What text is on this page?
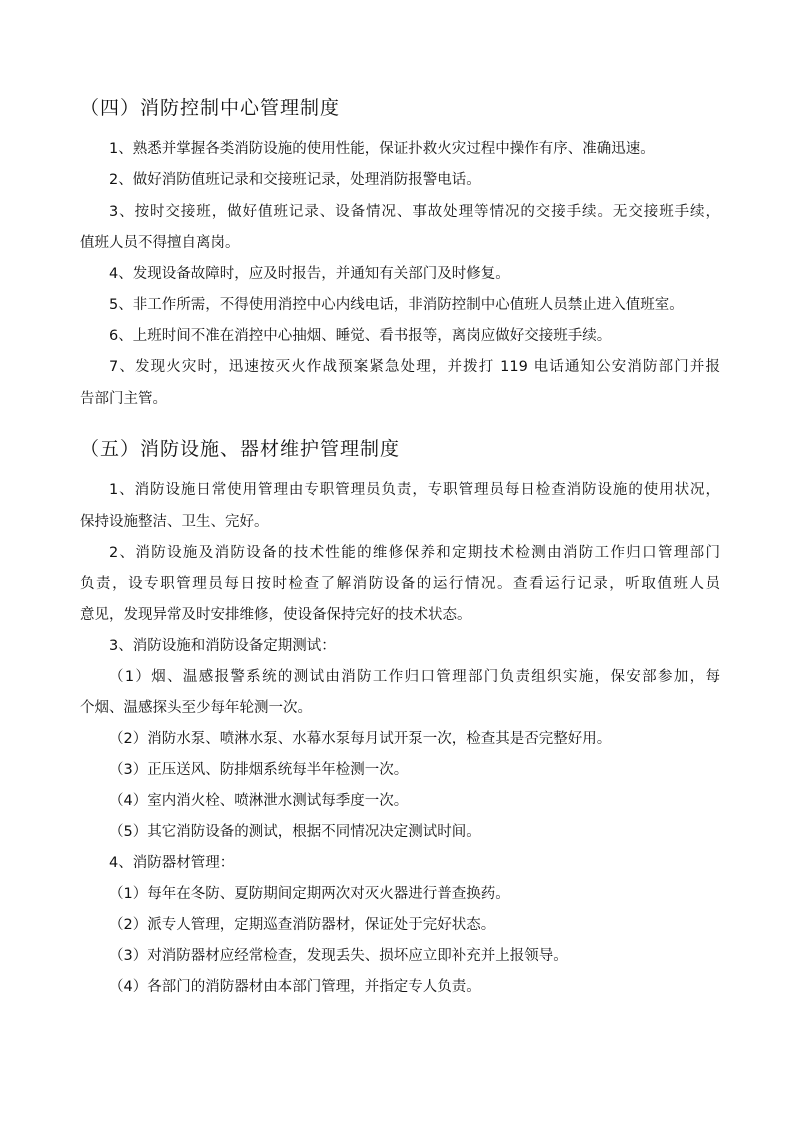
（四）消防控制中心管理制度
1、熟悉并掌握各类消防设施的使用性能，保证扑救火灾过程中操作有序、准确迅速。
2、做好消防值班记录和交接班记录，处理消防报警电话。
3、按时交接班，做好值班记录、设备情况、事故处理等情况的交接手续。无交接班手续，
值班人员不得擅自离岗。
4、发现设备故障时，应及时报告，并通知有关部门及时修复。
5、非工作所需，不得使用消控中心内线电话，非消防控制中心值班人员禁止进入值班室。
6、上班时间不准在消控中心抽烟、睡觉、看书报等，离岗应做好交接班手续。
7、发现火灾时，迅速按灭火作战预案紧急处理，并拨打 119 电话通知公安消防部门并报
告部门主管。
（五）消防设施、器材维护管理制度
1、消防设施日常使用管理由专职管理员负责，专职管理员每日检查消防设施的使用状况，
保持设施整洁、卫生、完好。
2、消防设施及消防设备的技术性能的维修保养和定期技术检测由消防工作归口管理部门
负责，设专职管理员每日按时检查了解消防设备的运行情况。查看运行记录，听取值班人员
意见，发现异常及时安排维修，使设备保持完好的技术状态。
3、消防设施和消防设备定期测试：
（1）烟、温感报警系统的测试由消防工作归口管理部门负责组织实施，保安部参加，每
个烟、温感探头至少每年轮测一次。
（2）消防水泵、喷淋水泵、水幕水泵每月试开泵一次，检查其是否完整好用。
（3）正压送风、防排烟系统每半年检测一次。
（4）室内消火栓、喷淋泄水测试每季度一次。
（5）其它消防设备的测试，根据不同情况决定测试时间。
4、消防器材管理：
（1）每年在冬防、夏防期间定期两次对灭火器进行普查换药。
（2）派专人管理，定期巡查消防器材，保证处于完好状态。
（3）对消防器材应经常检查，发现丢失、损坏应立即补充并上报领导。
（4）各部门的消防器材由本部门管理，并指定专人负责。
